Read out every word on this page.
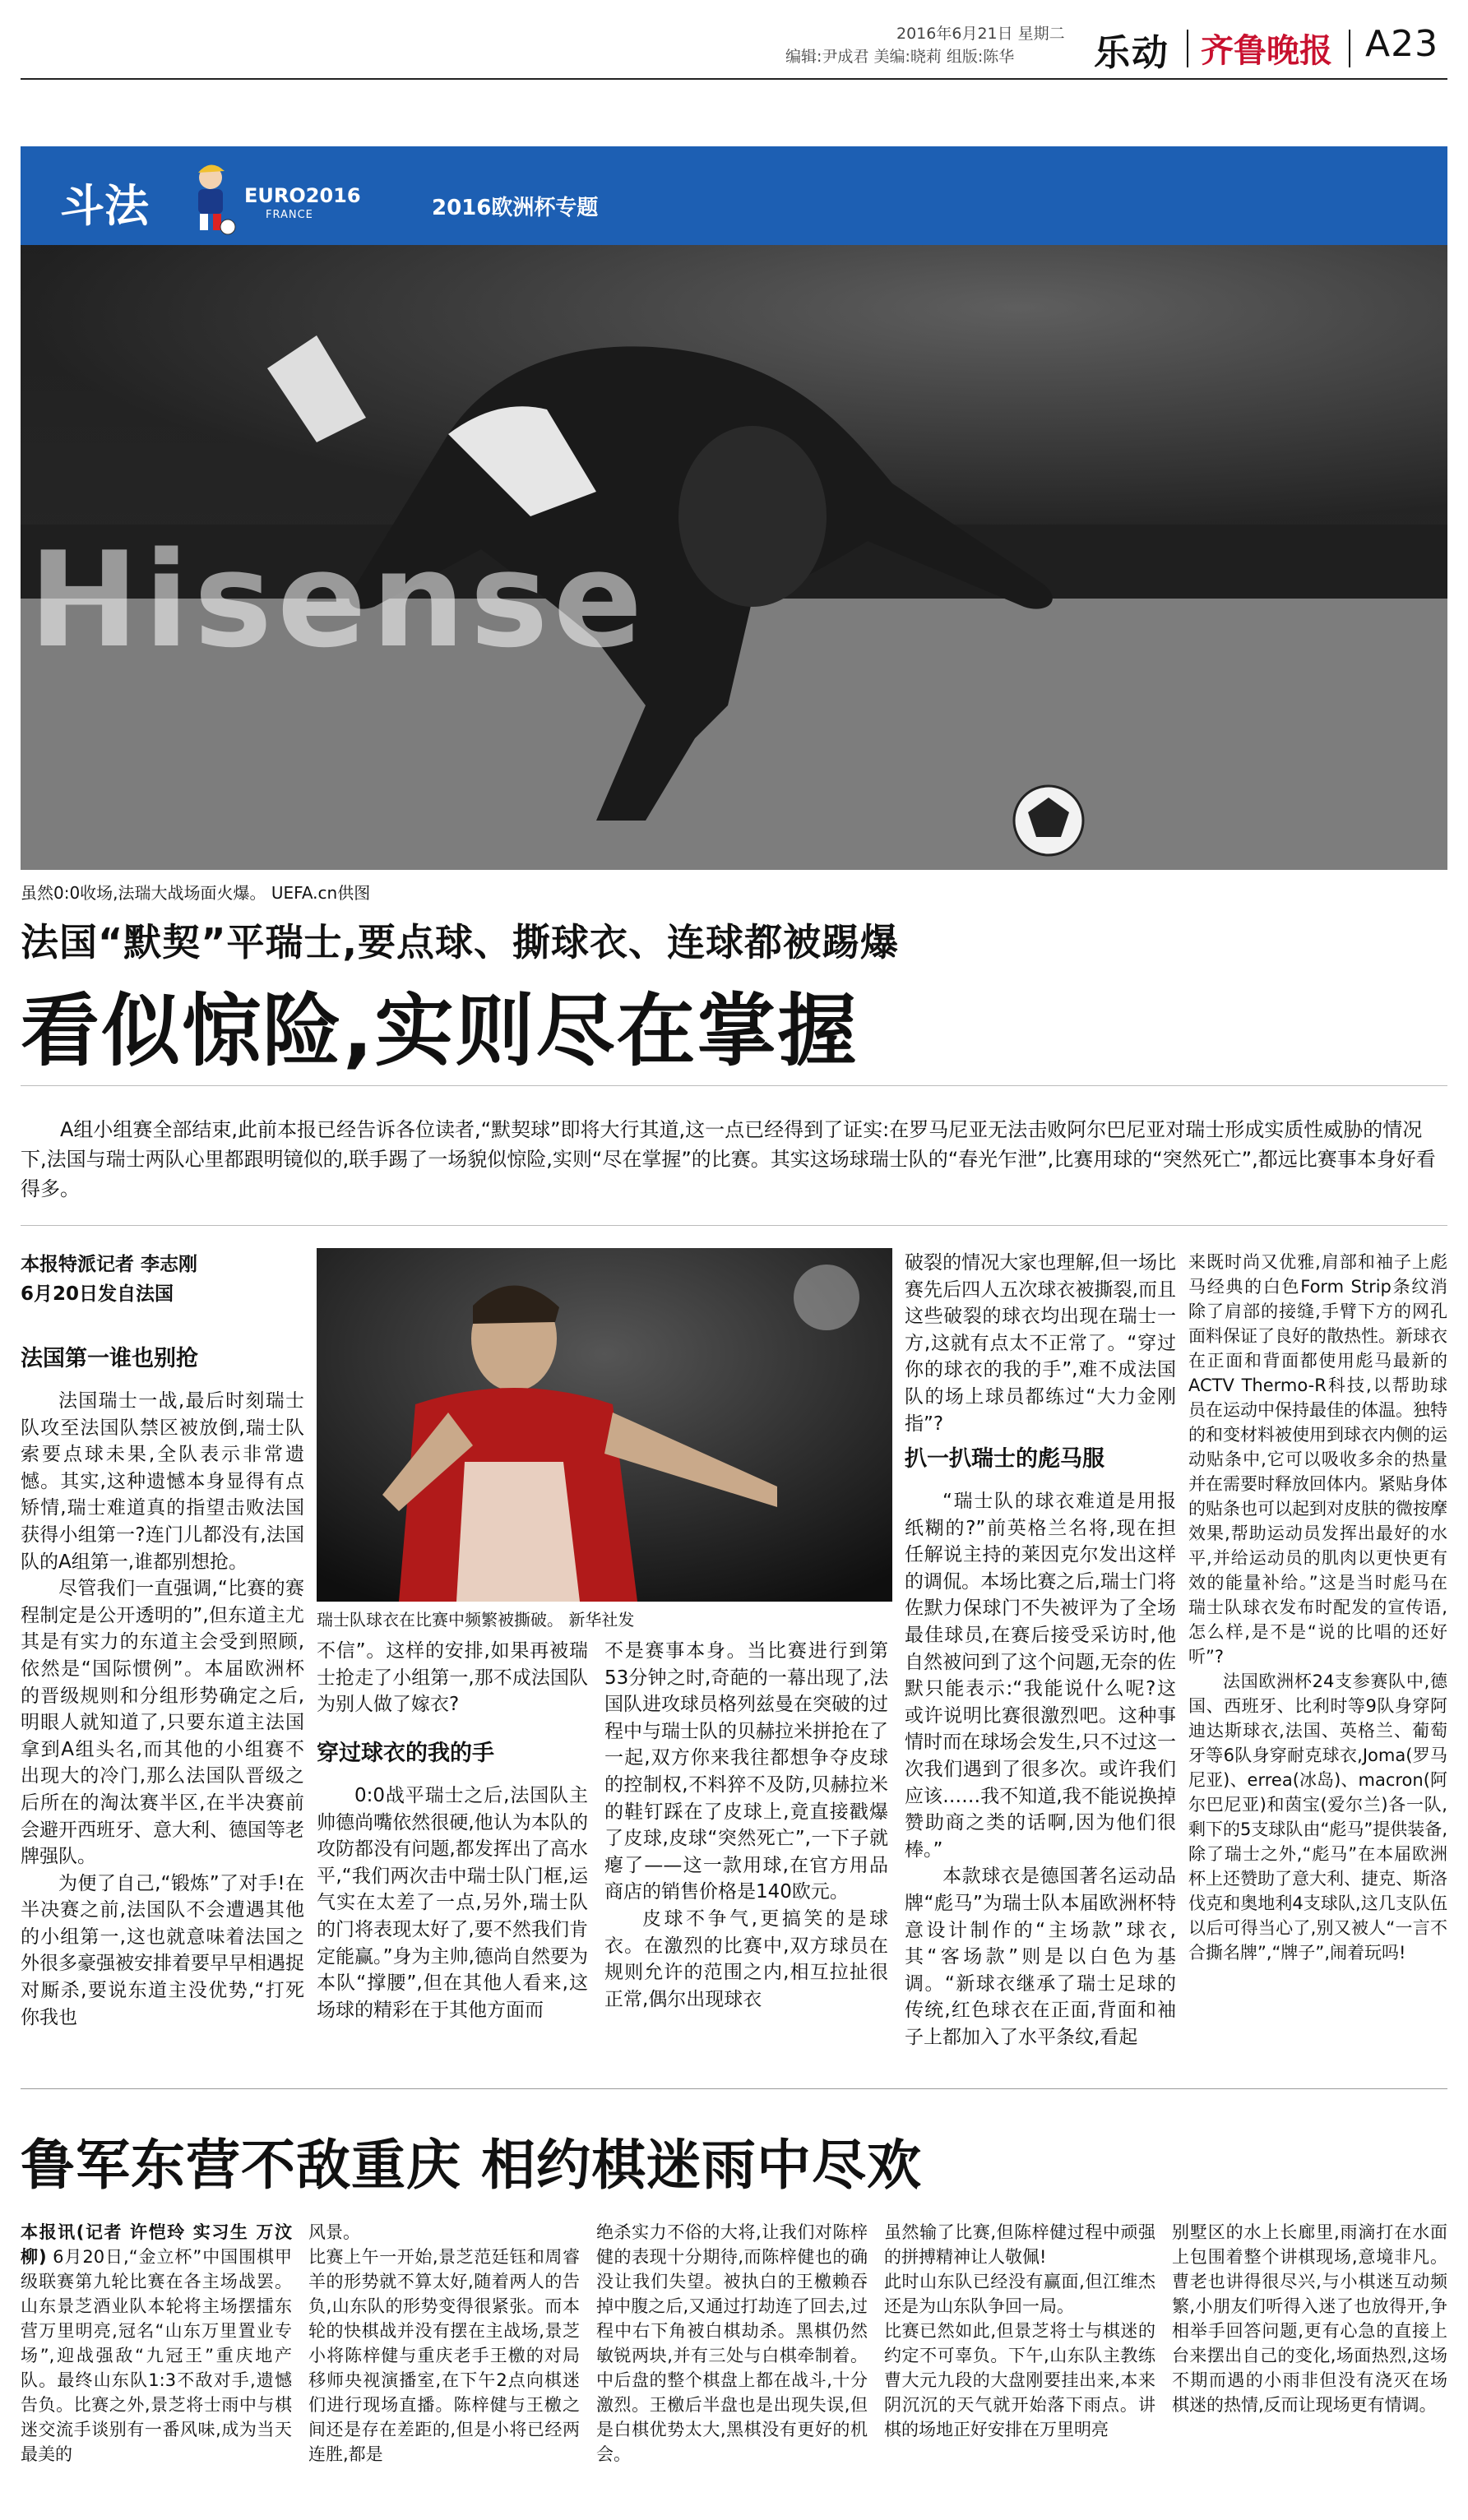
2016年6月21日 星期二
编辑:尹成君 美编:晓莉 组版:陈华 乐动 齐鲁晚报 A23
斗法	EURO2016
FRANCE	2016欧洲杯专题
Hisense
虽然0:0收场,法瑞大战场面火爆。 UEFA.cn供图
法国“默契”平瑞士,要点球、撕球衣、连球都被踢爆
看似惊险,实则尽在掌握
A组小组赛全部结束,此前本报已经告诉各位读者,“默契球”即将大行其道,这一点已经得到了证实:在罗马尼亚无法击败阿尔巴尼亚对瑞士形成实质性威胁的情况下,法国与瑞士两队心里都跟明镜似的,联手踢了一场貌似惊险,实则“尽在掌握”的比赛。其实这场球瑞士队的“春光乍泄”,比赛用球的“突然死亡”,都远比赛事本身好看得多。
本报特派记者 李志刚
6月20日发自法国
法国第一谁也别抢

法国瑞士一战,最后时刻瑞士队攻至法国队禁区被放倒,瑞士队索要点球未果,全队表示非常遗憾。其实,这种遗憾本身显得有点矫情,瑞士难道真的指望击败法国获得小组第一?连门儿都没有,法国队的A组第一,谁都别想抢。

尽管我们一直强调,“比赛的赛程制定是公开透明的”,但东道主尤其是有实力的东道主会受到照顾,依然是“国际惯例”。本届欧洲杯的晋级规则和分组形势确定之后,明眼人就知道了,只要东道主法国拿到A组头名,而其他的小组赛不出现大的冷门,那么法国队晋级之后所在的淘汰赛半区,在半决赛前会避开西班牙、意大利、德国等老牌强队。

为便了自己,“锻炼”了对手!在半决赛之前,法国队不会遭遇其他的小组第一,这也就意味着法国之外很多豪强被安排着要早早相遇捉对厮杀,要说东道主没优势,“打死你我也

瑞士队球衣在比赛中频繁被撕破。 新华社发

不信”。这样的安排,如果再被瑞士抢走了小组第一,那不成法国队为别人做了嫁衣?

穿过球衣的我的手

0:0战平瑞士之后,法国队主帅德尚嘴依然很硬,他认为本队的攻防都没有问题,都发挥出了高水平,“我们两次击中瑞士队门框,运气实在太差了一点,另外,瑞士队的门将表现太好了,要不然我们肯定能赢。”身为主帅,德尚自然要为本队“撑腰”,但在其他人看来,这场球的精彩在于其他方面而

不是赛事本身。当比赛进行到第53分钟之时,奇葩的一幕出现了,法国队进攻球员格列兹曼在突破的过程中与瑞士队的贝赫拉米拼抢在了一起,双方你来我往都想争夺皮球的控制权,不料猝不及防,贝赫拉米的鞋钉踩在了皮球上,竟直接戳爆了皮球,皮球“突然死亡”,一下子就瘪了——这一款用球,在官方用品商店的销售价格是140欧元。

皮球不争气,更搞笑的是球衣。在激烈的比赛中,双方球员在规则允许的范围之内,相互拉扯很正常,偶尔出现球衣

破裂的情况大家也理解,但一场比赛先后四人五次球衣被撕裂,而且这些破裂的球衣均出现在瑞士一方,这就有点太不正常了。“穿过你的球衣的我的手”,难不成法国队的场上球员都练过“大力金刚指”?

扒一扒瑞士的彪马服

“瑞士队的球衣难道是用报纸糊的?”前英格兰名将,现在担任解说主持的莱因克尔发出这样的调侃。本场比赛之后,瑞士门将佐默力保球门不失被评为了全场最佳球员,在赛后接受采访时,他自然被问到了这个问题,无奈的佐默只能表示:“我能说什么呢?这或许说明比赛很激烈吧。这种事情时而在球场会发生,只不过这一次我们遇到了很多次。或许我们应该……我不知道,我不能说换掉赞助商之类的话啊,因为他们很棒。”

本款球衣是德国著名运动品牌“彪马”为瑞士队本届欧洲杯特意设计制作的“主场款”球衣,其“客场款”则是以白色为基调。“新球衣继承了瑞士足球的传统,红色球衣在正面,背面和袖子上都加入了水平条纹,看起

来既时尚又优雅,肩部和袖子上彪马经典的白色Form Strip条纹消除了肩部的接缝,手臂下方的网孔面料保证了良好的散热性。新球衣在正面和背面都使用彪马最新的ACTV Thermo-R科技,以帮助球员在运动中保持最佳的体温。独特的和变材料被使用到球衣内侧的运动贴条中,它可以吸收多余的热量并在需要时释放回体内。紧贴身体的贴条也可以起到对皮肤的微按摩效果,帮助运动员发挥出最好的水平,并给运动员的肌肉以更快更有效的能量补给。”这是当时彪马在瑞士队球衣发布时配发的宣传语,怎么样,是不是“说的比唱的还好听”?

法国欧洲杯24支参赛队中,德国、西班牙、比利时等9队身穿阿迪达斯球衣,法国、英格兰、葡萄牙等6队身穿耐克球衣,Joma(罗马尼亚)、errea(冰岛)、macron(阿尔巴尼亚)和茵宝(爱尔兰)各一队,剩下的5支球队由“彪马”提供装备,除了瑞士之外,“彪马”在本届欧洲杯上还赞助了意大利、捷克、斯洛伐克和奥地利4支球队,这几支队伍以后可得当心了,别又被人“一言不合撕名牌”,“牌子”,闹着玩吗!

鲁军东营不敌重庆 相约棋迷雨中尽欢
本报讯(记者 许恺玲 实习生 万汶柳) 6月20日,“金立杯”中国围棋甲级联赛第九轮比赛在各主场战罢。山东景芝酒业队本轮将主场摆擂东营万里明亮,冠名“山东万里置业专场”,迎战强敌“九冠王”重庆地产队。最终山东队1:3不敌对手,遗憾告负。比赛之外,景芝将士雨中与棋迷交流手谈别有一番风味,成为当天最美的
风景。
比赛上午一开始,景芝范廷钰和周睿羊的形势就不算太好,随着两人的告负,山东队的形势变得很紧张。而本轮的快棋战并没有摆在主战场,景芝小将陈梓健与重庆老手王檄的对局移师央视演播室,在下午2点向棋迷们进行现场直播。陈梓健与王檄之间还是存在差距的,但是小将已经两连胜,都是
绝杀实力不俗的大将,让我们对陈梓健的表现十分期待,而陈梓健也的确没让我们失望。被执白的王檄赖吞掉中腹之后,又通过打劫连了回去,过程中右下角被白棋劫杀。黑棋仍然敏锐两块,并有三处与白棋牵制着。中后盘的整个棋盘上都在战斗,十分激烈。王檄后半盘也是出现失误,但是白棋优势太大,黑棋没有更好的机会。
虽然输了比赛,但陈梓健过程中顽强的拼搏精神让人敬佩!
此时山东队已经没有赢面,但江维杰还是为山东队争回一局。
比赛已然如此,但景芝将士与棋迷的约定不可辜负。下午,山东队主教练曹大元九段的大盘刚要挂出来,本来阴沉沉的天气就开始落下雨点。讲棋的场地正好安排在万里明亮
别墅区的水上长廊里,雨滴打在水面上包围着整个讲棋现场,意境非凡。曹老也讲得很尽兴,与小棋迷互动频繁,小朋友们听得入迷了也放得开,争相举手回答问题,更有心急的直接上台来摆出自己的变化,场面热烈,这场不期而遇的小雨非但没有浇灭在场棋迷的热情,反而让现场更有情调。
